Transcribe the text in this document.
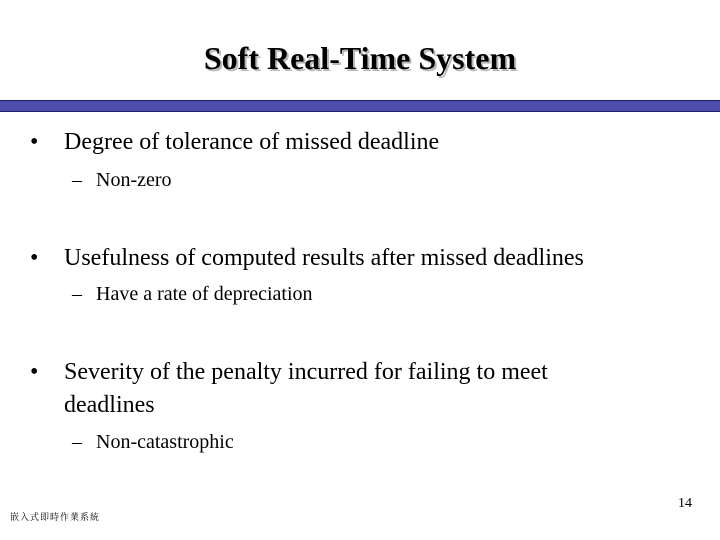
Soft Real-Time System
•	Degree of tolerance of missed deadline
– Non-zero
•	Usefulness of computed results after missed deadlines
– Have a rate of depreciation
•	Severity of the penalty incurred for failing to meet deadlines
– Non-catastrophic
14
嵌入式即時作業系統
